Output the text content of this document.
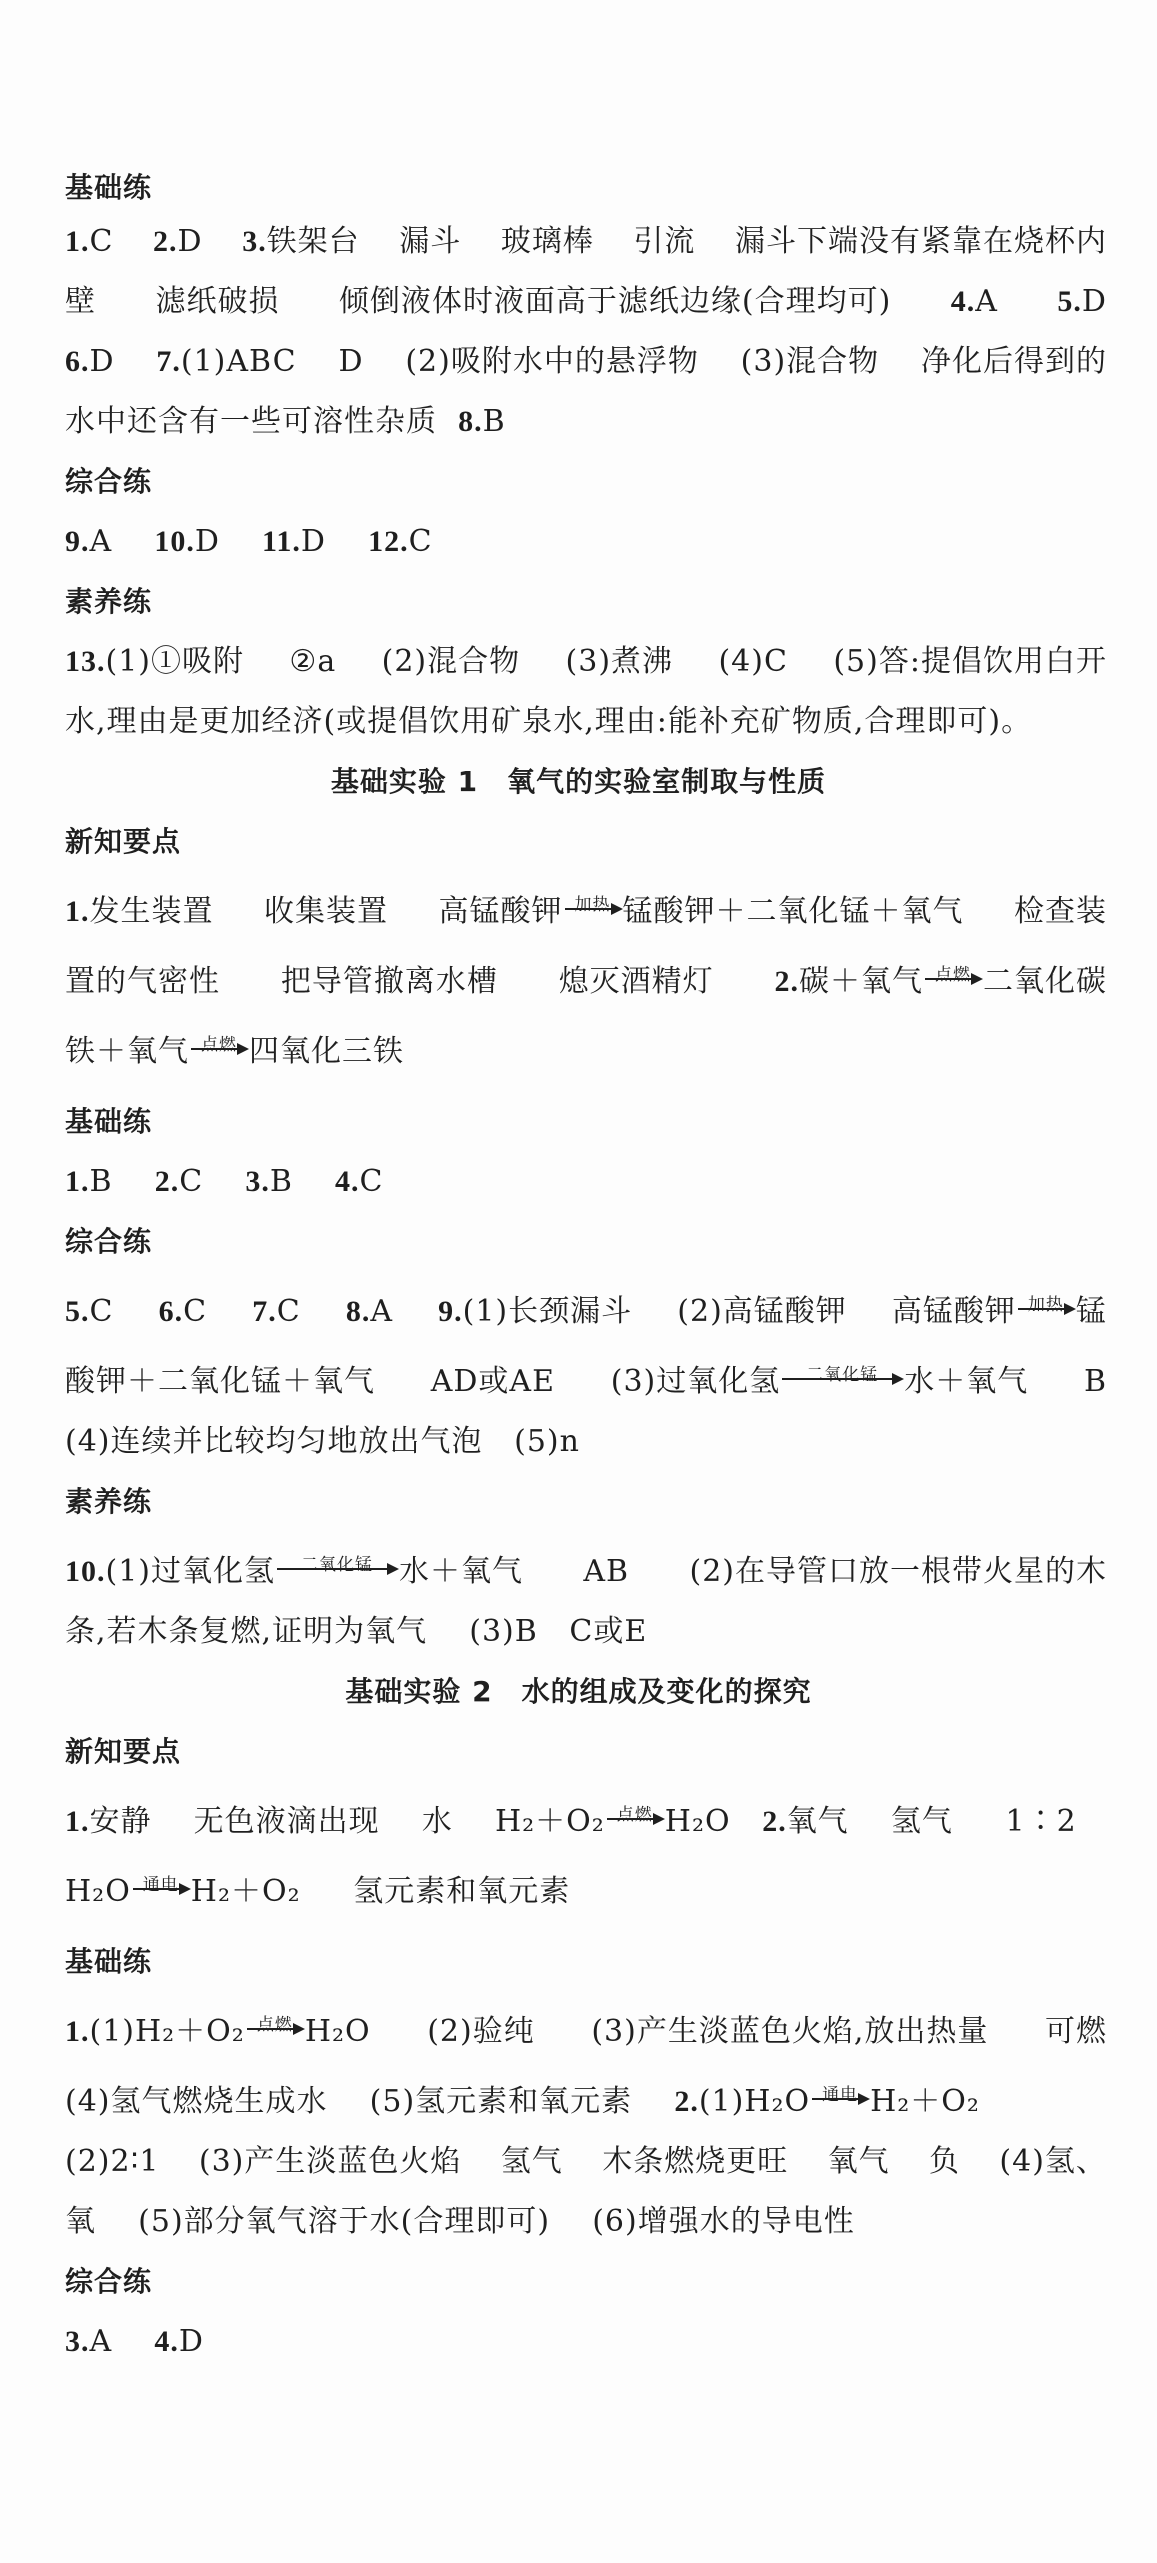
基础练
1.C 2.D 3.铁架台 漏斗 玻璃棒 引流 漏斗下端没有紧靠在烧杯内
壁 滤纸破损 倾倒液体时液面高于滤纸边缘(合理均可) 4.A 5.D
6.D 7.(1)ABC D (2)吸附水中的悬浮物 (3)混合物 净化后得到的
水中还含有一些可溶性杂质 8.B
综合练
9.A 10.D 11.D 12.C
素养练
13.(1)①吸附 ②a (2)混合物 (3)煮沸 (4)C (5)答:提倡饮用白开
水,理由是更加经济(或提倡饮用矿泉水,理由:能补充矿物质,合理即可)。
基础实验 1　氧气的实验室制取与性质
新知要点
1.发生装置 收集装置 高锰酸钾 加热 锰酸钾＋二氧化锰＋氧气 检查装
置的气密性 把导管撤离水槽 熄灭酒精灯 2.碳＋氧气 点燃 二氧化碳
铁＋氧气 点燃 四氧化三铁
基础练
1.B 2.C 3.B 4.C
综合练
5.C 6.C 7.C 8.A 9.(1)长颈漏斗 (2)高锰酸钾 高锰酸钾 加热 锰
酸钾＋二氧化锰＋氧气 AD或AE (3)过氧化氢	二氧化锰 水＋氧气 B
(4)连续并比较均匀地放出气泡 (5)n
素养练
10.(1)过氧化氢	二氧化锰 水＋氧气 AB (2)在导管口放一根带火星的木
条,若木条复燃,证明为氧气 (3)B C或E
基础实验 2　水的组成及变化的探究
新知要点
1.安静 无色液滴出现 水 H₂＋O₂ 点燃 H₂O 2.氧气 氢气 1∶2
H₂O 通电 H₂＋O₂ 氢元素和氧元素
基础练
1.(1)H₂＋O₂ 点燃 H₂O (2)验纯 (3)产生淡蓝色火焰,放出热量 可燃
(4)氢气燃烧生成水 (5)氢元素和氧元素 2.(1)H₂O 通电 H₂＋O₂
(2)2∶1 (3)产生淡蓝色火焰 氢气 木条燃烧更旺 氧气 负 (4)氢、
氧 (5)部分氧气溶于水(合理即可) (6)增强水的导电性
综合练
3.A 4.D
